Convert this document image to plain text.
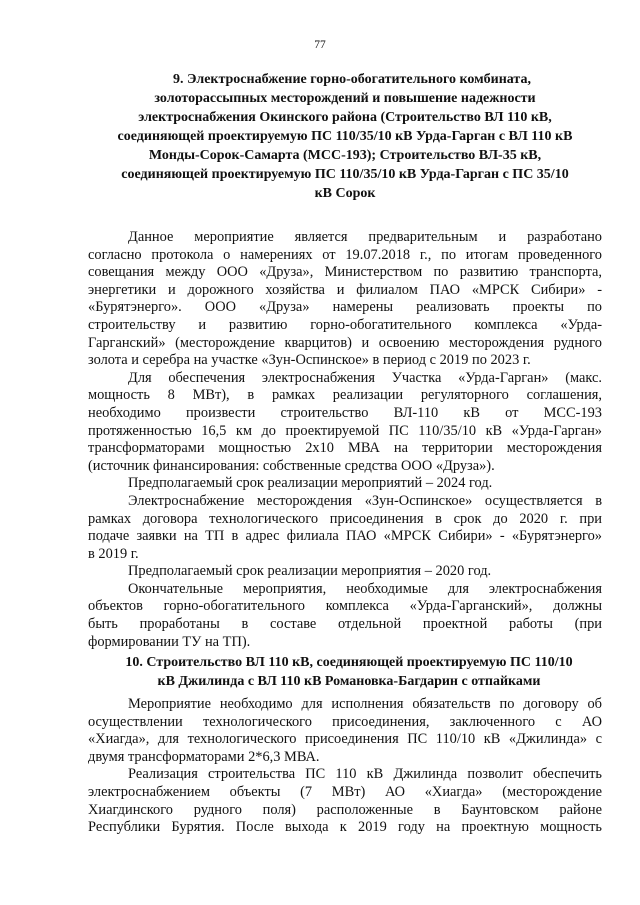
77
9. Электроснабжение горно-обогатительного комбината,
золоторассыпных месторождений и повышение надежности
электроснабжения Окинского района (Строительство ВЛ 110 кВ,
соединяющей проектируемую ПС 110/35/10 кВ Урда-Гарган с ВЛ 110 кВ
Монды-Сорок-Самарта (МСС-193); Строительство ВЛ-35 кВ,
соединяющей проектируемую ПС 110/35/10 кВ Урда-Гарган с ПС 35/10
кВ Сорок
Данное мероприятие является предварительным и разработано
согласно протокола о намерениях от 19.07.2018 г., по итогам проведенного
совещания между ООО «Друза», Министерством по развитию транспорта,
энергетики и дорожного хозяйства и филиалом ПАО «МРСК Сибири» -
«Бурятэнерго». ООО «Друза» намерены реализовать проекты по
строительству и развитию горно-обогатительного комплекса «Урда-
Гарганский» (месторождение кварцитов) и освоению месторождения рудного
золота и серебра на участке «Зун-Оспинское» в период с 2019 по 2023 г.
Для обеспечения электроснабжения Участка «Урда-Гарган» (макс.
мощность 8 МВт), в рамках реализации регуляторного соглашения,
необходимо произвести строительство ВЛ-110 кВ от МСС-193
протяженностью 16,5 км до проектируемой ПС 110/35/10 кВ «Урда-Гарган»
трансформаторами мощностью 2х10 МВА на территории месторождения
(источник финансирования: собственные средства ООО «Друза»).
Предполагаемый срок реализации мероприятий – 2024 год.
Электроснабжение месторождения «Зун-Оспинское» осуществляется в
рамках договора технологического присоединения в срок до 2020 г. при
подаче заявки на ТП в адрес филиала ПАО «МРСК Сибири» - «Бурятэнерго»
в 2019 г.
Предполагаемый срок реализации мероприятия – 2020 год.
Окончательные мероприятия, необходимые для электроснабжения
объектов горно-обогатительного комплекса «Урда-Гарганский», должны
быть проработаны в составе отдельной проектной работы (при
формировании ТУ на ТП).
10. Строительство ВЛ 110 кВ, соединяющей проектируемую ПС 110/10
кВ Джилинда с ВЛ 110 кВ Романовка-Багдарин с отпайками
Мероприятие необходимо для исполнения обязательств по договору об
осуществлении технологического присоединения, заключенного с АО
«Хиагда», для технологического присоединения ПС 110/10 кВ «Джилинда» с
двумя трансформаторами 2*6,3 МВА.
Реализация строительства ПС 110 кВ Джилинда позволит обеспечить
электроснабжением объекты (7 МВт) АО «Хиагда» (месторождение
Хиагдинского рудного поля) расположенные в Баунтовском районе
Республики Бурятия. После выхода к 2019 году на проектную мощность
